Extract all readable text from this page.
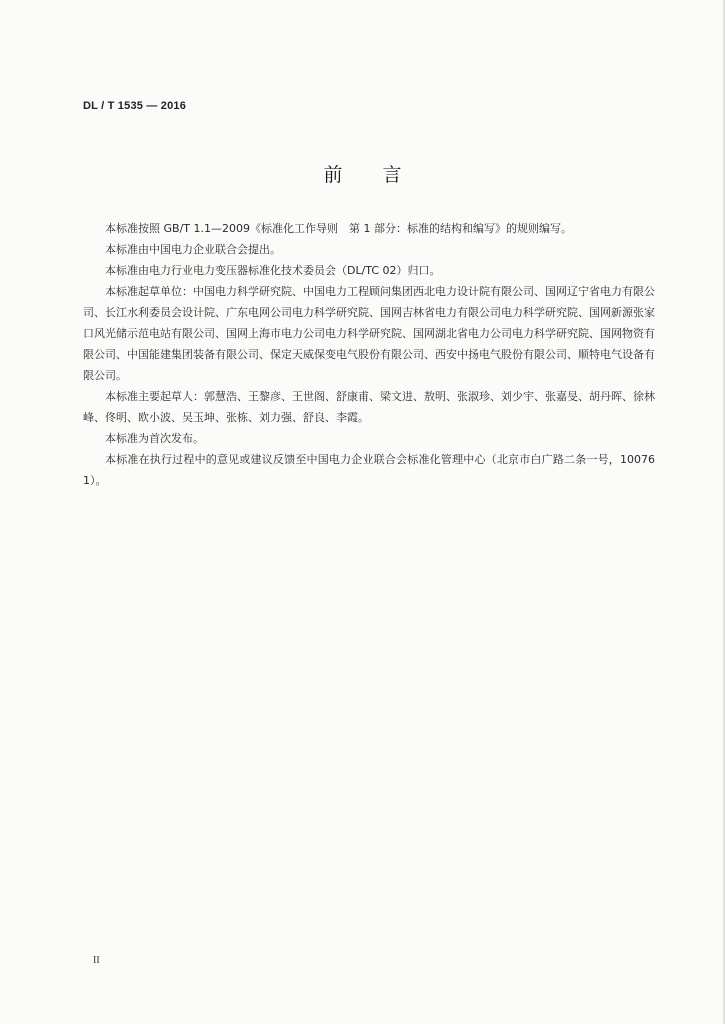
DL / T 1535 — 2016
前言

本标准按照 GB/T 1.1—2009《标准化工作导则　第 1 部分：标准的结构和编写》的规则编写。

本标准由中国电力企业联合会提出。

本标准由电力行业电力变压器标准化技术委员会（DL/TC 02）归口。

本标准起草单位：中国电力科学研究院、中国电力工程顾问集团西北电力设计院有限公司、国网辽宁省电力有限公司、长江水利委员会设计院、广东电网公司电力科学研究院、国网吉林省电力有限公司电力科学研究院、国网新源张家口风光储示范电站有限公司、国网上海市电力公司电力科学研究院、国网湖北省电力公司电力科学研究院、国网物资有限公司、中国能建集团装备有限公司、保定天威保变电气股份有限公司、西安中扬电气股份有限公司、顺特电气设备有限公司。

本标准主要起草人：郭慧浩、王黎彦、王世阁、舒康甫、梁文进、敖明、张淑珍、刘少宇、张嘉旻、胡丹晖、徐林峰、佟明、欧小波、吴玉坤、张栋、刘力强、舒良、李霞。

本标准为首次发布。

本标准在执行过程中的意见或建议反馈至中国电力企业联合会标准化管理中心（北京市白广路二条一号，100761）。

II
